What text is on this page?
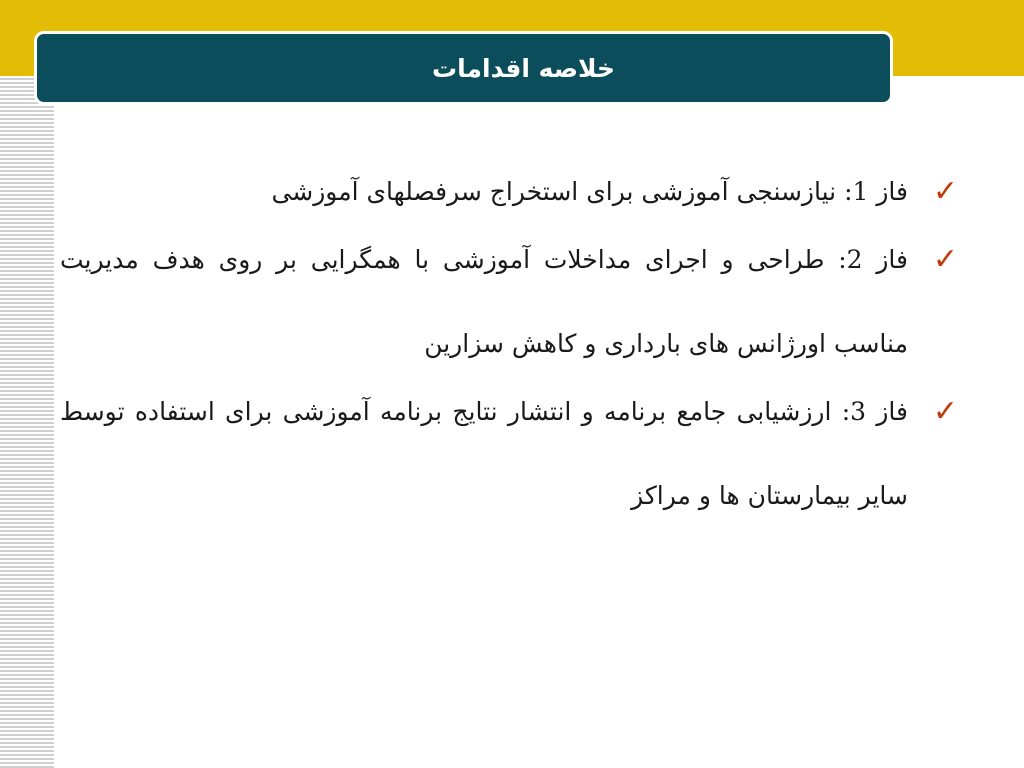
خلاصه اقدامات
✓
فاز 1: نیازسنجی آموزشی برای استخراج سرفصلهای آموزشی
✓
فاز 2: طراحی و اجرای مداخلات آموزشی با همگرایی بر روی هدف مدیریت مناسب اورژانس های بارداری و کاهش سزارین
✓
فاز 3: ارزشیابی جامع برنامه و انتشار نتایج برنامه آموزشی برای استفاده توسط سایر بیمارستان ها و مراکز
